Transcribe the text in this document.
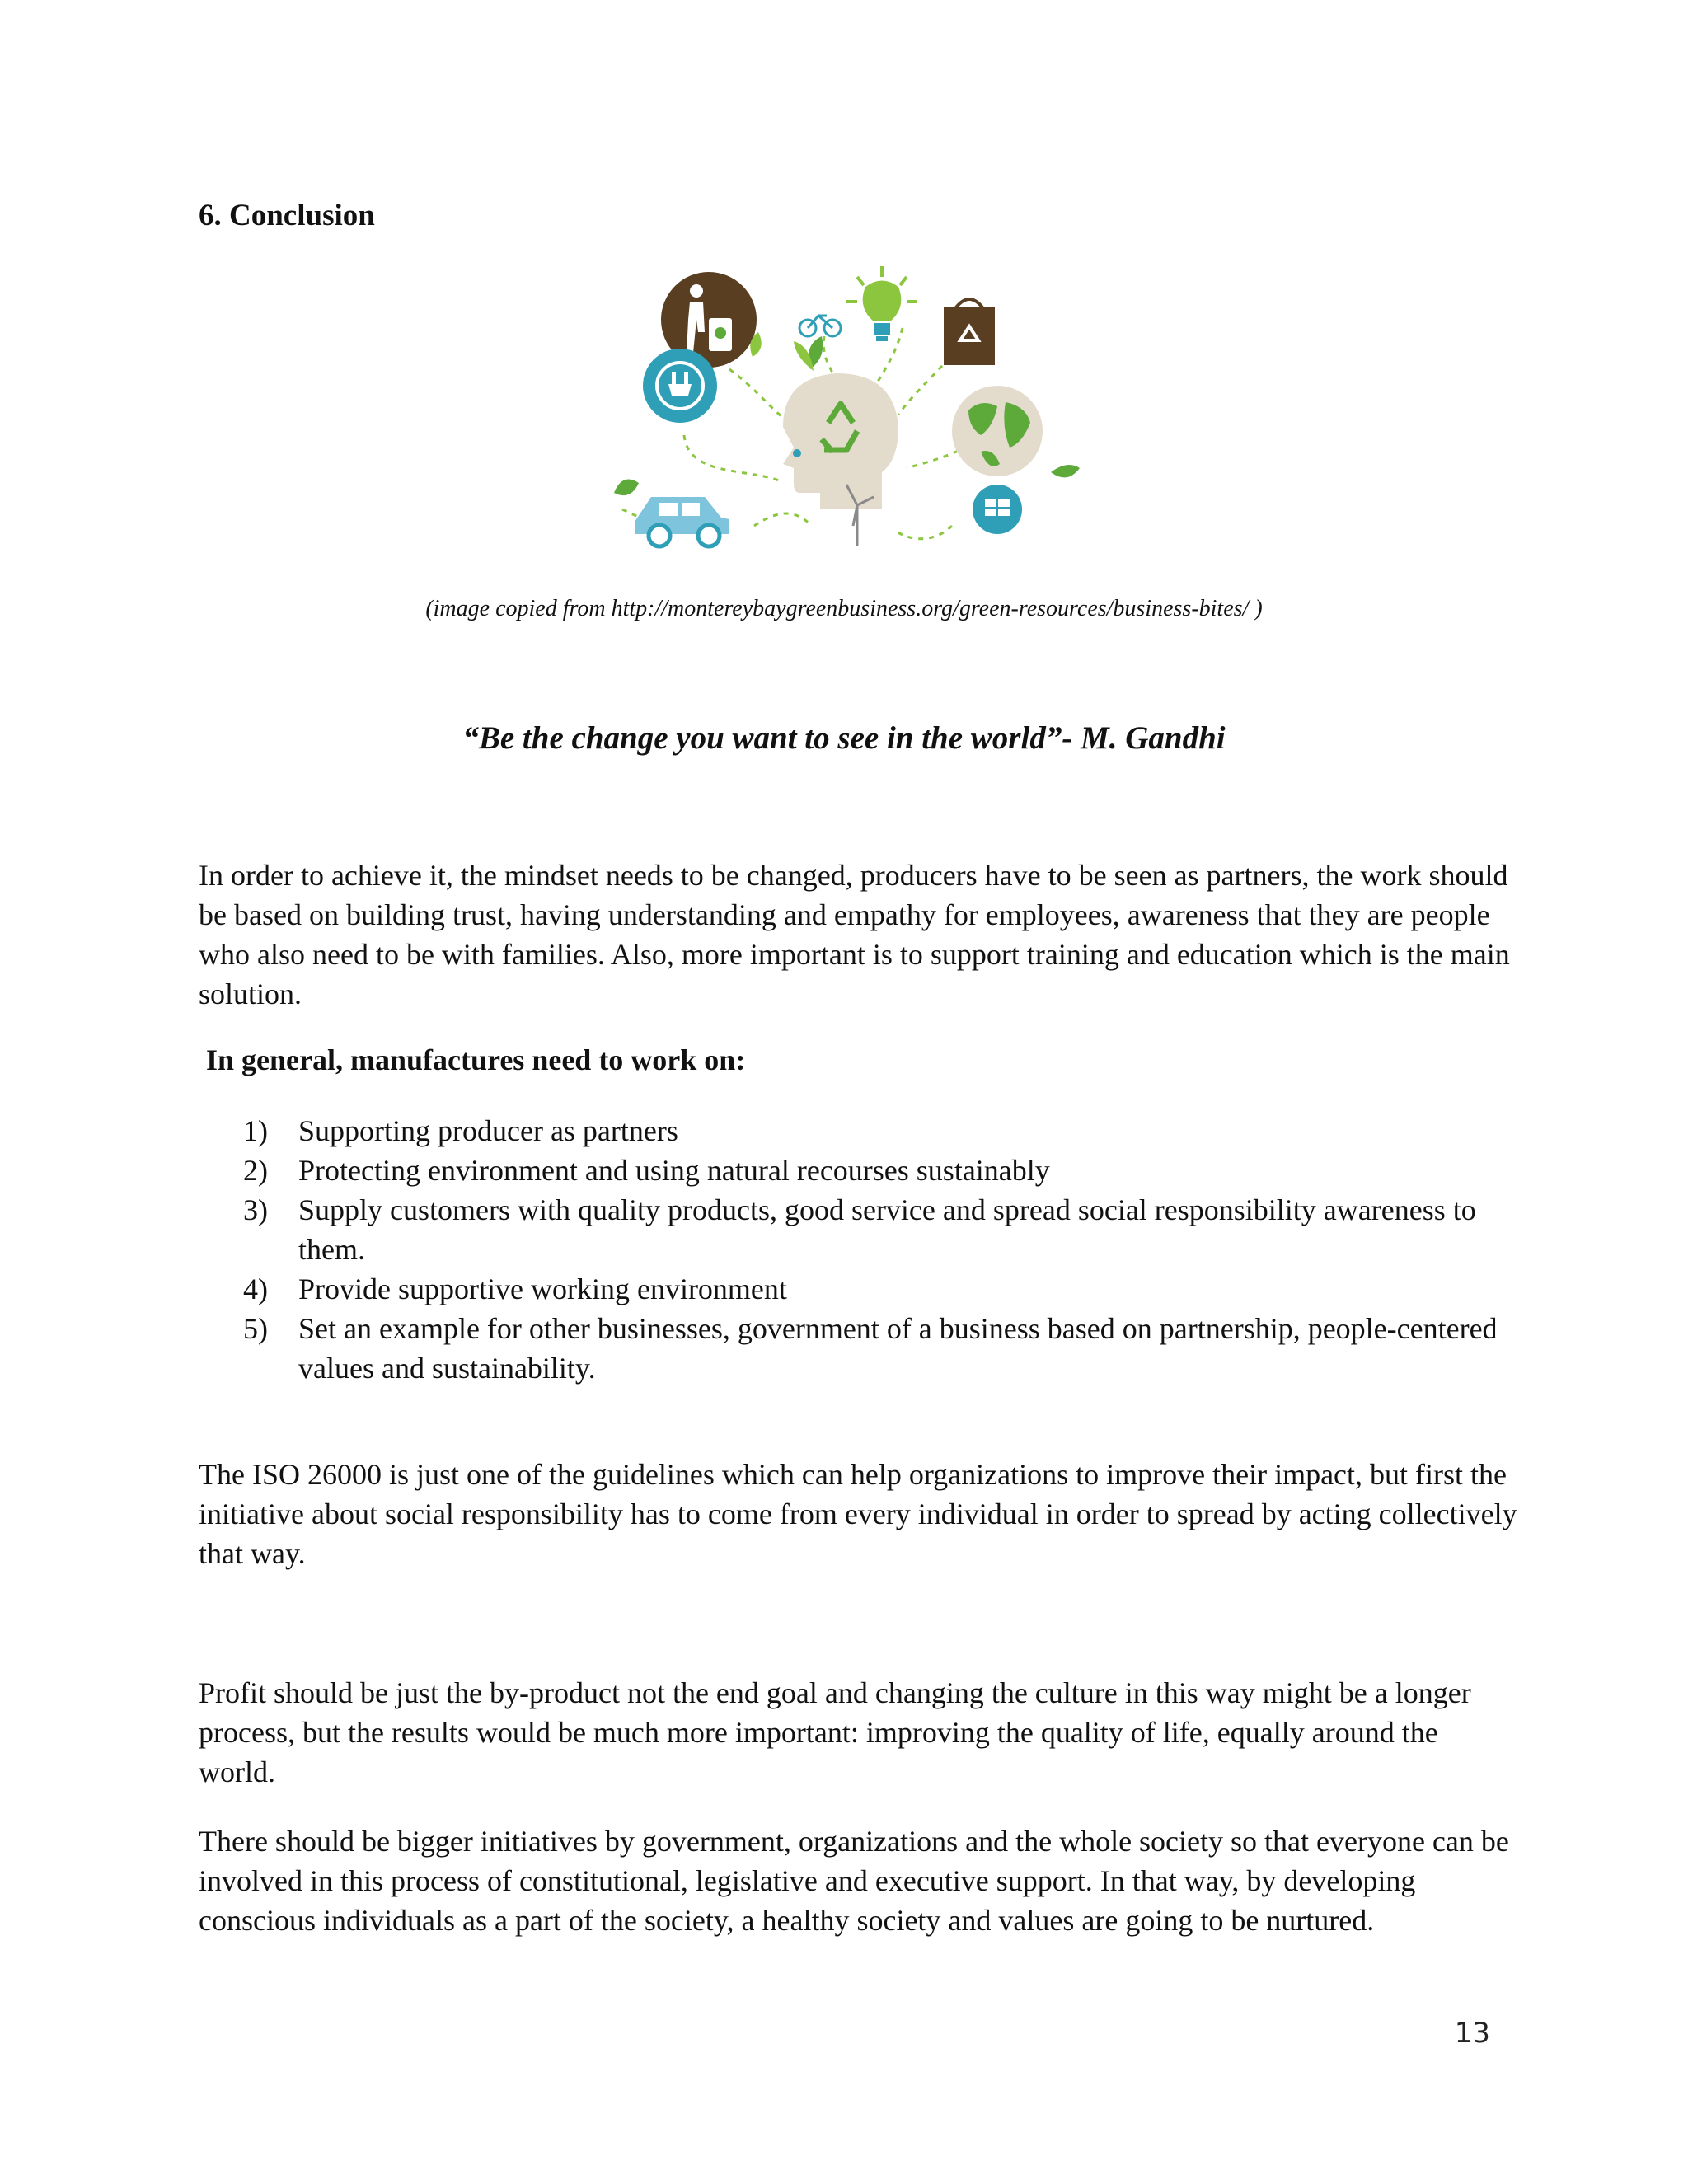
6. Conclusion
(image copied from http://montereybaygreenbusiness.org/green-resources/business-bites/ )
“Be the change you want to see in the world”- M. Gandhi

In order to achieve it, the mindset needs to be changed, producers have to be seen as partners, the work should be based on building trust, having understanding and empathy for employees, awareness that they are people who also need to be with families. Also, more important is to support training and education which is the main solution.

In general, manufactures need to work on:
1) Supporting producer as partners
2) Protecting environment and using natural recourses sustainably
3) Supply customers with quality products, good service and spread social responsibility awareness to them.
4) Provide supportive working environment
5) Set an example for other businesses, government of a business based on partnership, people-centered values and sustainability.

The ISO 26000 is just one of the guidelines which can help organizations to improve their impact, but first the initiative about social responsibility has to come from every individual in order to spread by acting collectively that way.

Profit should be just the by-product not the end goal and changing the culture in this way might be a longer process, but the results would be much more important: improving the quality of life, equally around the world.

There should be bigger initiatives by government, organizations and the whole society so that everyone can be involved in this process of constitutional, legislative and executive support. In that way, by developing conscious individuals as a part of the society, a healthy society and values are going to be nurtured.

13
